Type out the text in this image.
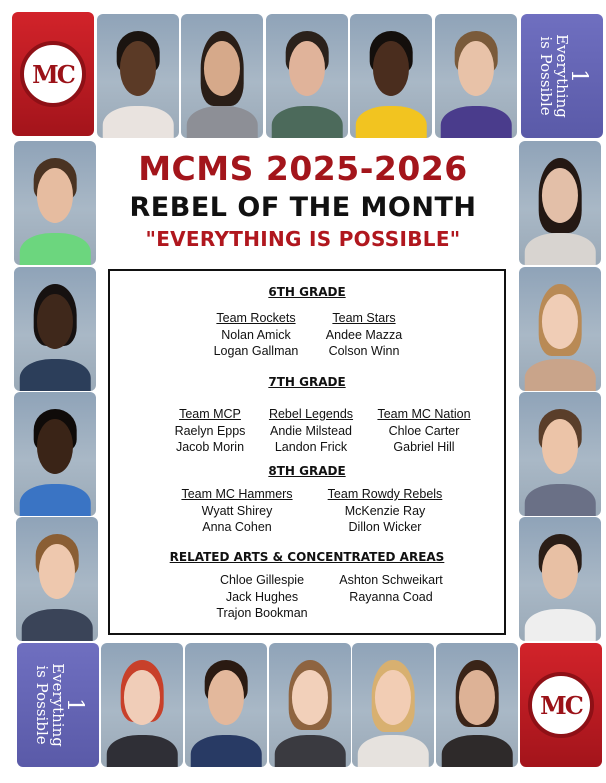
MC	1
Everything
is Possible
1
Everything
is Possible	MC
MCMS 2025-2026
REBEL OF THE MONTH
"EVERYTHING IS POSSIBLE"
6TH GRADE
Team Rockets
Nolan Amick
Logan Gallman
Team Stars
Andee Mazza
Colson Winn
7TH GRADE
Team MCP
Raelyn Epps
Jacob Morin
Rebel Legends
Andie Milstead
Landon Frick
Team MC Nation
Chloe Carter
Gabriel Hill
8TH GRADE
Team MC Hammers
Wyatt Shirey
Anna Cohen
Team Rowdy Rebels
McKenzie Ray
Dillon Wicker
RELATED ARTS & CONCENTRATED AREAS
Chloe Gillespie
Jack Hughes
Trajon Bookman
Ashton Schweikart
Rayanna Coad
